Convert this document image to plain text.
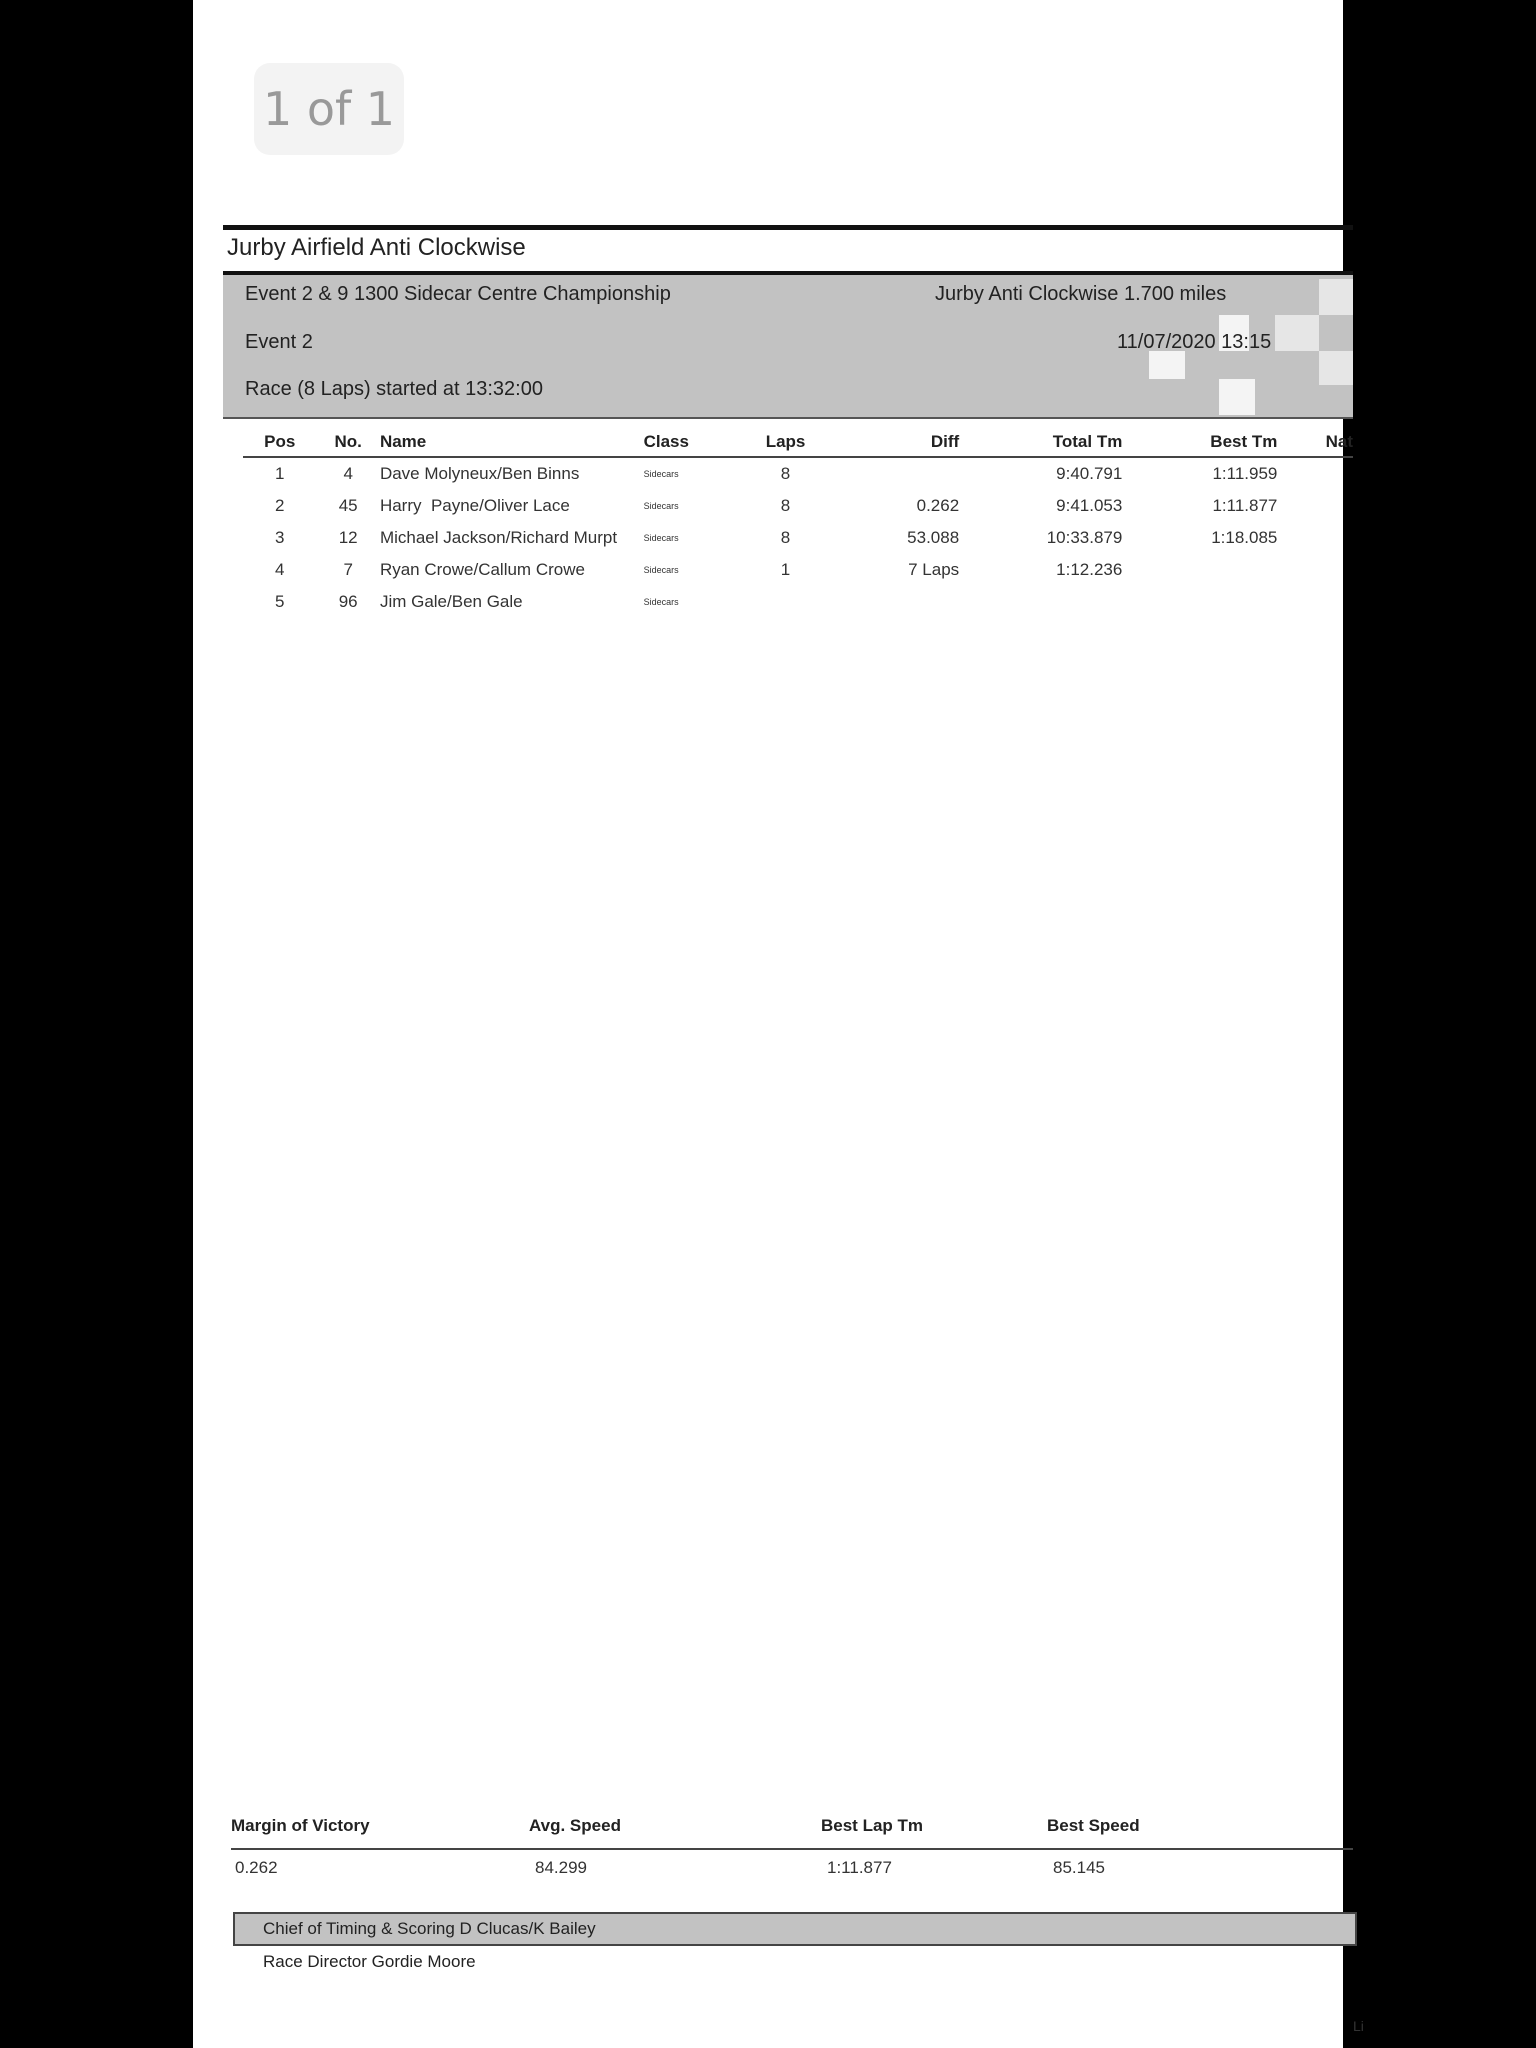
1 of 1
Jurby Airfield Anti Clockwise
Event 2 & 9 1300 Sidecar Centre Championship	Jurby Anti Clockwise 1.700 miles
Event 2	11/07/2020 13:15
Race (8 Laps) started at 13:32:00
Pos	No.	Name	Class	Laps	Diff	Total Tm	Best Tm	Nat
1	4	Dave Molyneux/Ben Binns	Sidecars	8		9:40.791	1:11.959	
2	45	Harry  Payne/Oliver Lace	Sidecars	8	0.262	9:41.053	1:11.877	
3	12	Michael Jackson/Richard Murpt	Sidecars	8	53.088	10:33.879	1:18.085	
4	7	Ryan Crowe/Callum Crowe	Sidecars	1	7 Laps	1:12.236		
5	96	Jim Gale/Ben Gale	Sidecars					
Margin of Victory	Avg. Speed	Best Lap Tm	Best Speed
0.262	84.299	1:11.877	85.145
Chief of Timing & Scoring D Clucas/K Bailey
Race Director Gordie Moore
Li
